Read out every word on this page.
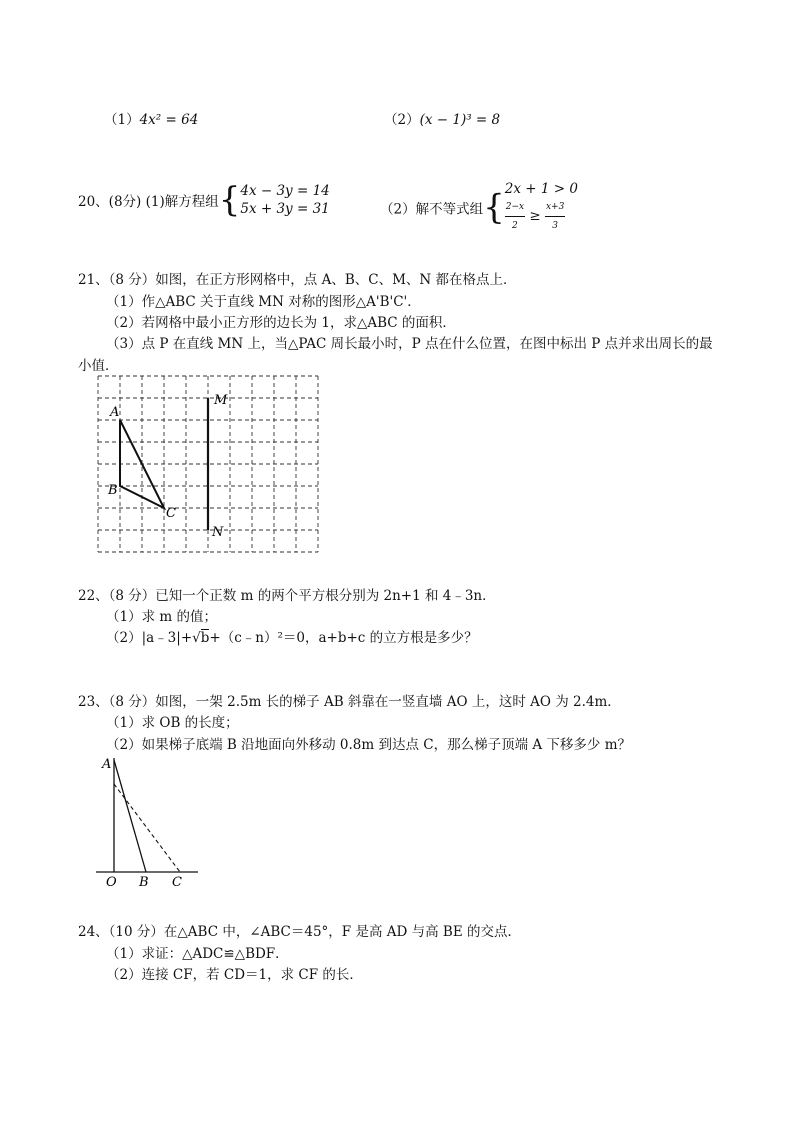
（1）4x² = 64	（2）(x − 1)³ = 8
20、(8分) (1)解方程组{ 4x − 3y = 14
5x + 3y = 31	（2）解不等式组{ 2x + 1 > 0
$\frac{2-x}{2} \ge \frac{x+3}{3}$
21、（8 分）如图，在正方形网格中，点 A、B、C、M、N 都在格点上．
（1）作△ABC 关于直线 MN 对称的图形△A'B'C'．
（2）若网格中最小正方形的边长为 1，求△ABC 的面积．
（3）点 P 在直线 MN 上，当△PAC 周长最小时，P 点在什么位置，在图中标出 P 点并求出周长的最
小值．
A
B
C
M
N
22、（8 分）已知一个正数 m 的两个平方根分别为 2n+1 和 4﹣3n．
（1）求 m 的值；
（2）|a﹣3|+√b+（c﹣n）²＝0，a+b+c 的立方根是多少？
23、（8 分）如图，一架 2.5m 长的梯子 AB 斜靠在一竖直墙 AO 上，这时 AO 为 2.4m．
（1）求 OB 的长度；
（2）如果梯子底端 B 沿地面向外移动 0.8m 到达点 C，那么梯子顶端 A 下移多少 m？
A
O B C
24、（10 分）在△ABC 中，∠ABC＝45°，F 是高 AD 与高 BE 的交点．
（1）求证：△ADC≌△BDF．
（2）连接 CF，若 CD＝1，求 CF 的长．
